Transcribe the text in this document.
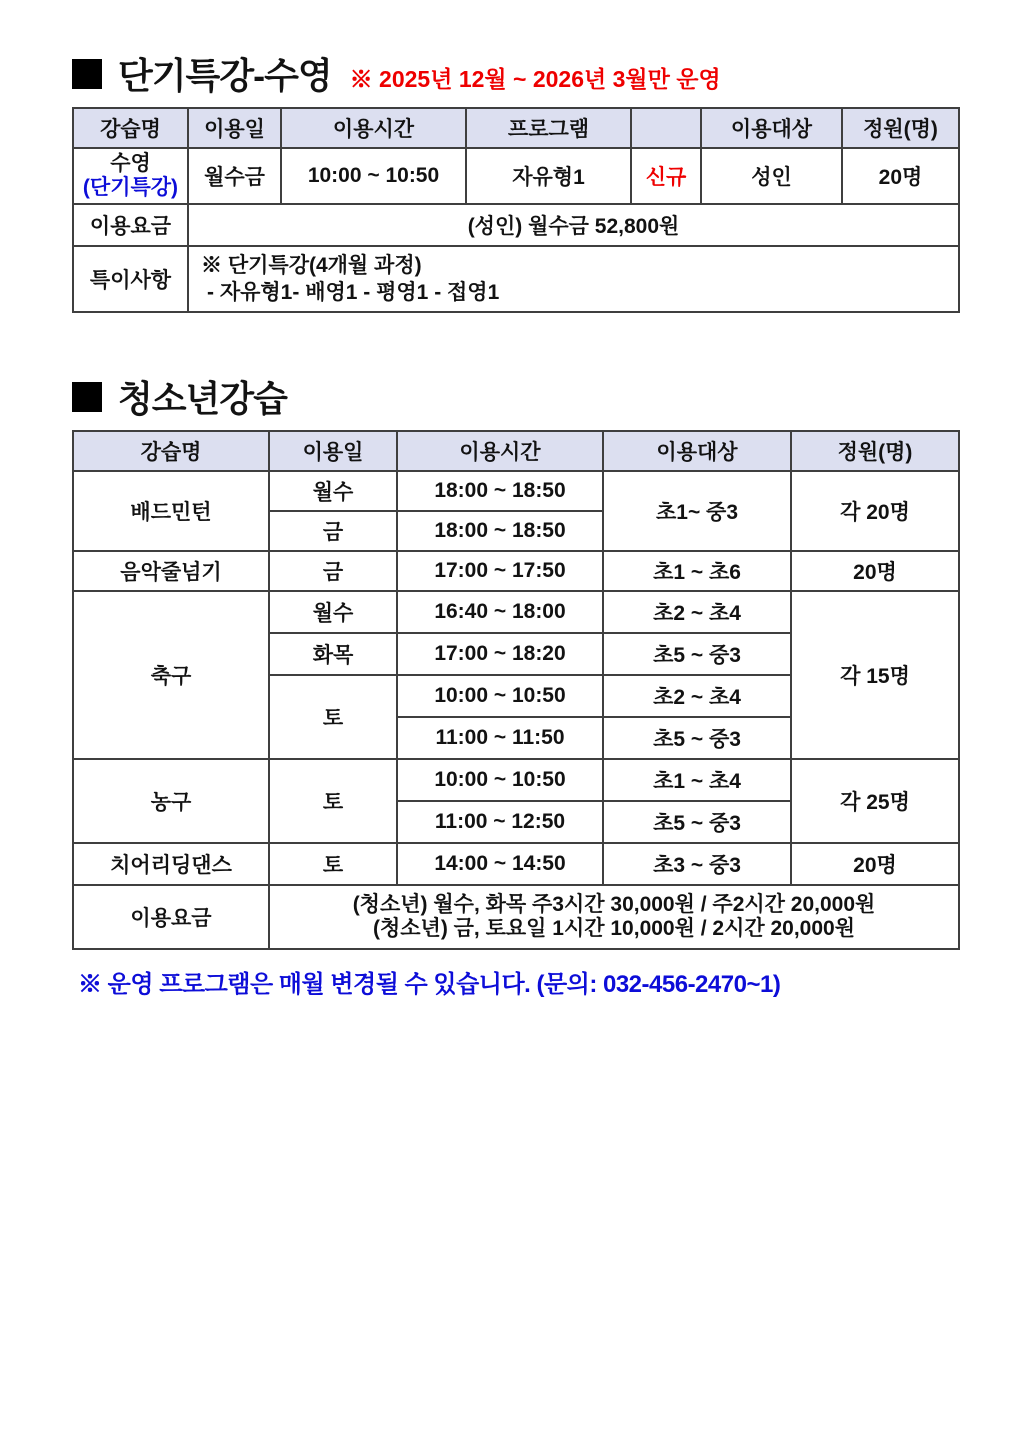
단기특강-수영 ※ 2025년 12월 ~ 2026년 3월만 운영
강습명	이용일	이용시간	프로그램		이용대상	정원(명)

수영
(단기특강)	월수금	10:00 ~ 10:50	자유형1	신규	성인	20명
이용요금	(성인) 월수금 52,800원					
특이사항	※ 단기특강(4개월 과정)
- 자유형1- 배영1 - 평영1 - 접영1					
청소년강습
강습명	이용일	이용시간	이용대상	정원(명)
배드민턴	월수	18:00 ~ 18:50	초1~ 중3	각 20명
	금	18:00 ~ 18:50		
음악줄넘기	금	17:00 ~ 17:50	초1 ~ 초6	20명
축구	월수	16:40 ~ 18:00	초2 ~ 초4	각 15명
	화목	17:00 ~ 18:20	초5 ~ 중3	
	토	10:00 ~ 10:50	초2 ~ 초4	
		11:00 ~ 11:50	초5 ~ 중3	
농구	토	10:00 ~ 10:50	초1 ~ 초4	각 25명
		11:00 ~ 12:50	초5 ~ 중3	
치어리딩댄스	토	14:00 ~ 14:50	초3 ~ 중3	20명
이용요금	(청소년) 월수, 화목 주3시간 30,000원 / 주2시간 20,000원
(청소년) 금, 토요일 1시간 10,000원 / 2시간 20,000원			
※ 운영 프로그램은 매월 변경될 수 있습니다. (문의: 032-456-2470~1)
